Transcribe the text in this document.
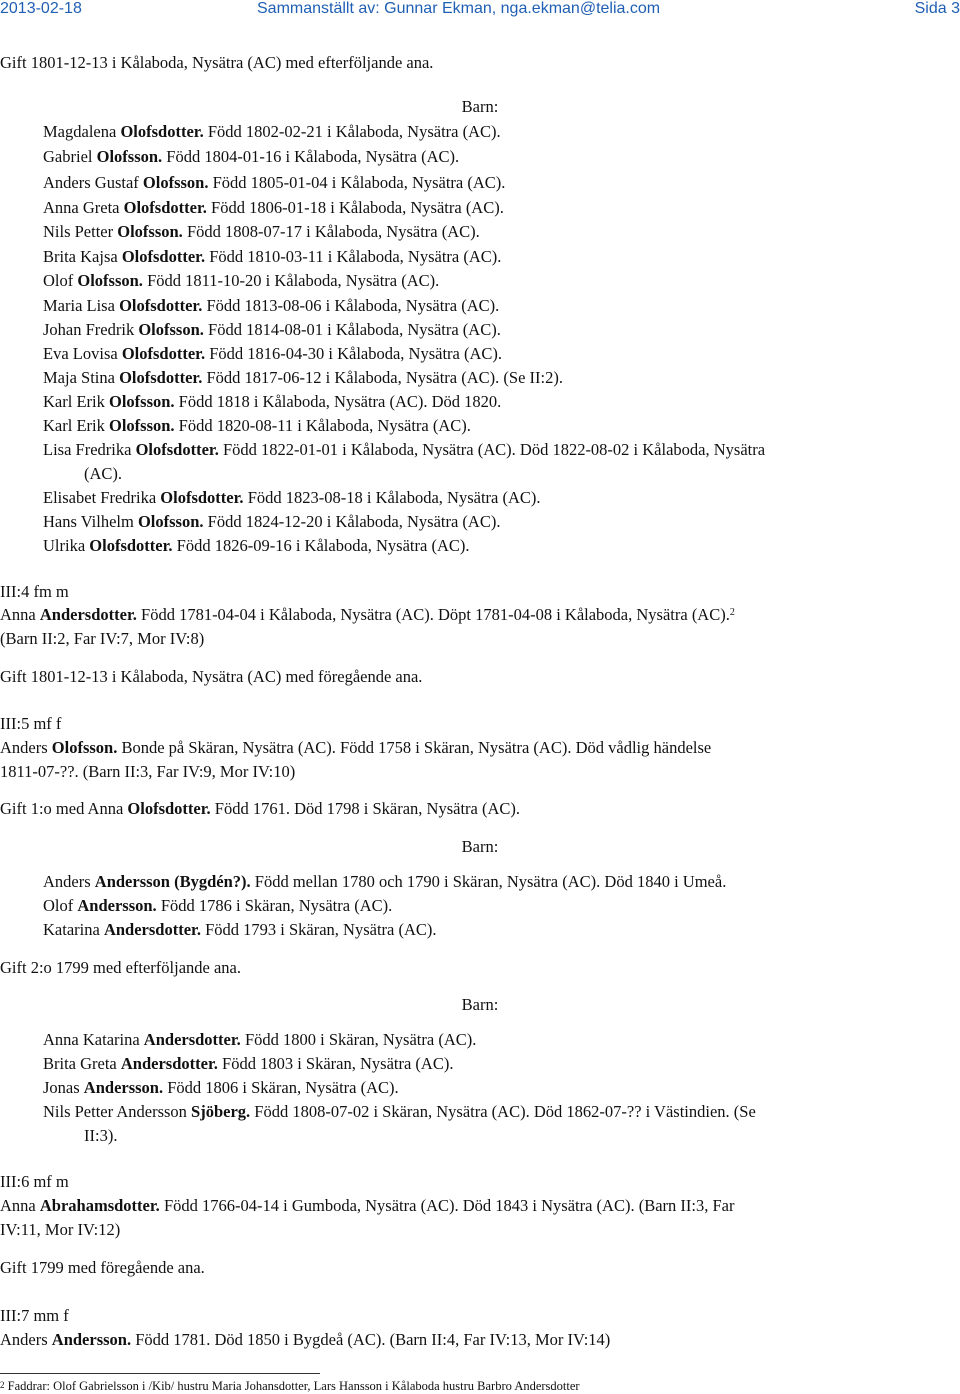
2013-02-18	Sammanställt av: Gunnar Ekman, nga.ekman@telia.com	Sida 3
Gift 1801-12-13 i Kålaboda, Nysätra (AC) med efterföljande ana.
Barn:
Magdalena Olofsdotter. Född 1802-02-21 i Kålaboda, Nysätra (AC).
Gabriel Olofsson. Född 1804-01-16 i Kålaboda, Nysätra (AC).
Anders Gustaf Olofsson. Född 1805-01-04 i Kålaboda, Nysätra (AC).
Anna Greta Olofsdotter. Född 1806-01-18 i Kålaboda, Nysätra (AC).
Nils Petter Olofsson. Född 1808-07-17 i Kålaboda, Nysätra (AC).
Brita Kajsa Olofsdotter. Född 1810-03-11 i Kålaboda, Nysätra (AC).
Olof Olofsson. Född 1811-10-20 i Kålaboda, Nysätra (AC).
Maria Lisa Olofsdotter. Född 1813-08-06 i Kålaboda, Nysätra (AC).
Johan Fredrik Olofsson. Född 1814-08-01 i Kålaboda, Nysätra (AC).
Eva Lovisa Olofsdotter. Född 1816-04-30 i Kålaboda, Nysätra (AC).
Maja Stina Olofsdotter. Född 1817-06-12 i Kålaboda, Nysätra (AC). (Se II:2).
Karl Erik Olofsson. Född 1818 i Kålaboda, Nysätra (AC). Död 1820.
Karl Erik Olofsson. Född 1820-08-11 i Kålaboda, Nysätra (AC).
Lisa Fredrika Olofsdotter. Född 1822-01-01 i Kålaboda, Nysätra (AC). Död 1822-08-02 i Kålaboda, Nysätra
(AC).
Elisabet Fredrika Olofsdotter. Född 1823-08-18 i Kålaboda, Nysätra (AC).
Hans Vilhelm Olofsson. Född 1824-12-20 i Kålaboda, Nysätra (AC).
Ulrika Olofsdotter. Född 1826-09-16 i Kålaboda, Nysätra (AC).
III:4 fm m
Anna Andersdotter. Född 1781-04-04 i Kålaboda, Nysätra (AC). Döpt 1781-04-08 i Kålaboda, Nysätra (AC).$^2$
(Barn II:2, Far IV:7, Mor IV:8)
Gift 1801-12-13 i Kålaboda, Nysätra (AC) med föregående ana.
III:5 mf f
Anders Olofsson. Bonde på Skäran, Nysätra (AC). Född 1758 i Skäran, Nysätra (AC). Död vådlig händelse
1811-07-??. (Barn II:3, Far IV:9, Mor IV:10)
Gift 1:o med Anna Olofsdotter. Född 1761. Död 1798 i Skäran, Nysätra (AC).
Barn:
Anders Andersson (Bygdén?). Född mellan 1780 och 1790 i Skäran, Nysätra (AC). Död 1840 i Umeå.
Olof Andersson. Född 1786 i Skäran, Nysätra (AC).
Katarina Andersdotter. Född 1793 i Skäran, Nysätra (AC).
Gift 2:o 1799 med efterföljande ana.
Barn:
Anna Katarina Andersdotter. Född 1800 i Skäran, Nysätra (AC).
Brita Greta Andersdotter. Född 1803 i Skäran, Nysätra (AC).
Jonas Andersson. Född 1806 i Skäran, Nysätra (AC).
Nils Petter Andersson Sjöberg. Född 1808-07-02 i Skäran, Nysätra (AC). Död 1862-07-?? i Västindien. (Se
II:3).
III:6 mf m
Anna Abrahamsdotter. Född 1766-04-14 i Gumboda, Nysätra (AC). Död 1843 i Nysätra (AC). (Barn II:3, Far
IV:11, Mor IV:12)
Gift 1799 med föregående ana.
III:7 mm f
Anders Andersson. Född 1781. Död 1850 i Bygdeå (AC). (Barn II:4, Far IV:13, Mor IV:14)
$^2$ Faddrar: Olof Gabrielsson i /Kib/ hustru Maria Johansdotter, Lars Hansson i Kålaboda hustru Barbro Andersdotter
